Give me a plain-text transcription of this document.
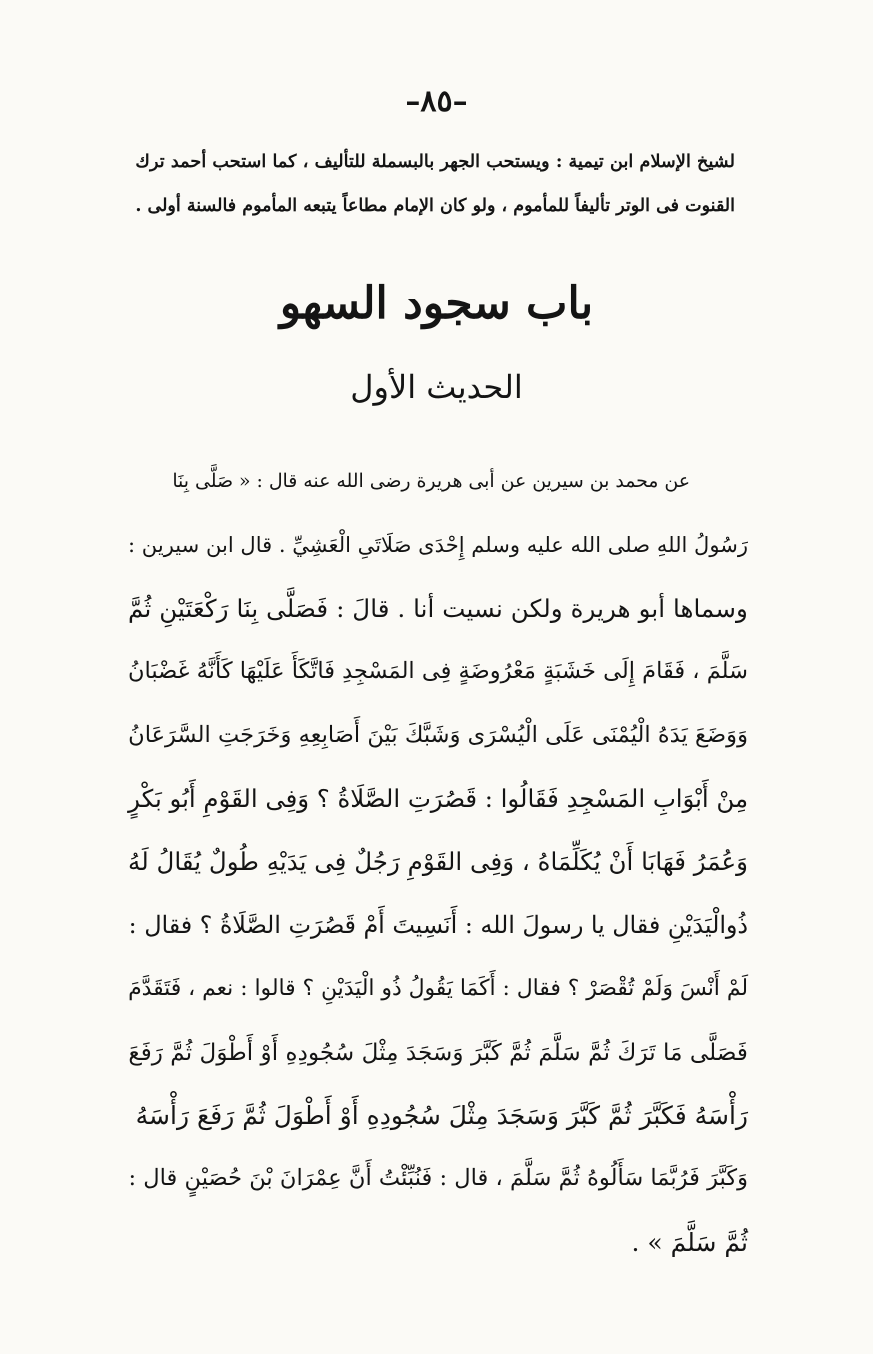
–٨٥–
لشيخ الإسلام ابن تيمية : ويستحب الجهر بالبسملة للتأليف ، كما استحب أحمد ترك
القنوت فى الوتر تأليفاً للمأموم ، ولو كان الإمام مطاعاً يتبعه المأموم فالسنة أولى .
باب سجود السهو
الحديث الأول
عن محمد بن سيرين عن أبى هريرة رضى الله عنه قال : « صَلَّى بِنَا
رَسُولُ اللهِ صلى الله عليه وسلم إِحْدَى صَلَاتَىِ الْعَشِيِّ . قال ابن سيرين :
وسماها أبو هريرة ولكن نسيت أنا . قالَ : فَصَلَّى بِنَا رَكْعَتَيْنِ ثُمَّ
سَلَّمَ ، فَقَامَ إِلَى خَشَبَةٍ مَعْرُوضَةٍ فِى المَسْجِدِ فَاتَّكَأَ عَلَيْهَا كَأَنَّهُ غَضْبَانُ
وَوَضَعَ يَدَهُ الْيُمْنَى عَلَى الْيُسْرَى وَشَبَّكَ بَيْنَ أَصَابِعِهِ وَخَرَجَتِ السَّرَعَانُ
مِنْ أَبْوَابِ المَسْجِدِ فَقَالُوا : قَصُرَتِ الصَّلَاةُ ؟ وَفِى القَوْمِ أَبُو بَكْرٍ
وَعُمَرُ فَهَابَا أَنْ يُكَلِّمَاهُ ، وَفِى القَوْمِ رَجُلٌ فِى يَدَيْهِ طُولٌ يُقَالُ لَهُ
ذُوالْيَدَيْنِ فقال يا رسولَ الله : أَنَسِيتَ أَمْ قَصُرَتِ الصَّلَاةُ ؟ فقال :
لَمْ أَنْسَ وَلَمْ تُقْصَرْ ؟ فقال : أَكَمَا يَقُولُ ذُو الْيَدَيْنِ ؟ قالوا : نعم ، فَتَقَدَّمَ
فَصَلَّى مَا تَرَكَ ثُمَّ سَلَّمَ ثُمَّ كَبَّرَ وَسَجَدَ مِثْلَ سُجُودِهِ أَوْ أَطْوَلَ ثُمَّ رَفَعَ
رَأْسَهُ فَكَبَّرَ ثُمَّ كَبَّرَ وَسَجَدَ مِثْلَ سُجُودِهِ أَوْ أَطْوَلَ ثُمَّ رَفَعَ رَأْسَهُ
وَكَبَّرَ فَرُبَّمَا سَأَلُوهُ ثُمَّ سَلَّمَ ، قال : فَنُبِّئْتُ أَنَّ عِمْرَانَ بْنَ حُصَيْنٍ قال :
ثُمَّ سَلَّمَ » .
